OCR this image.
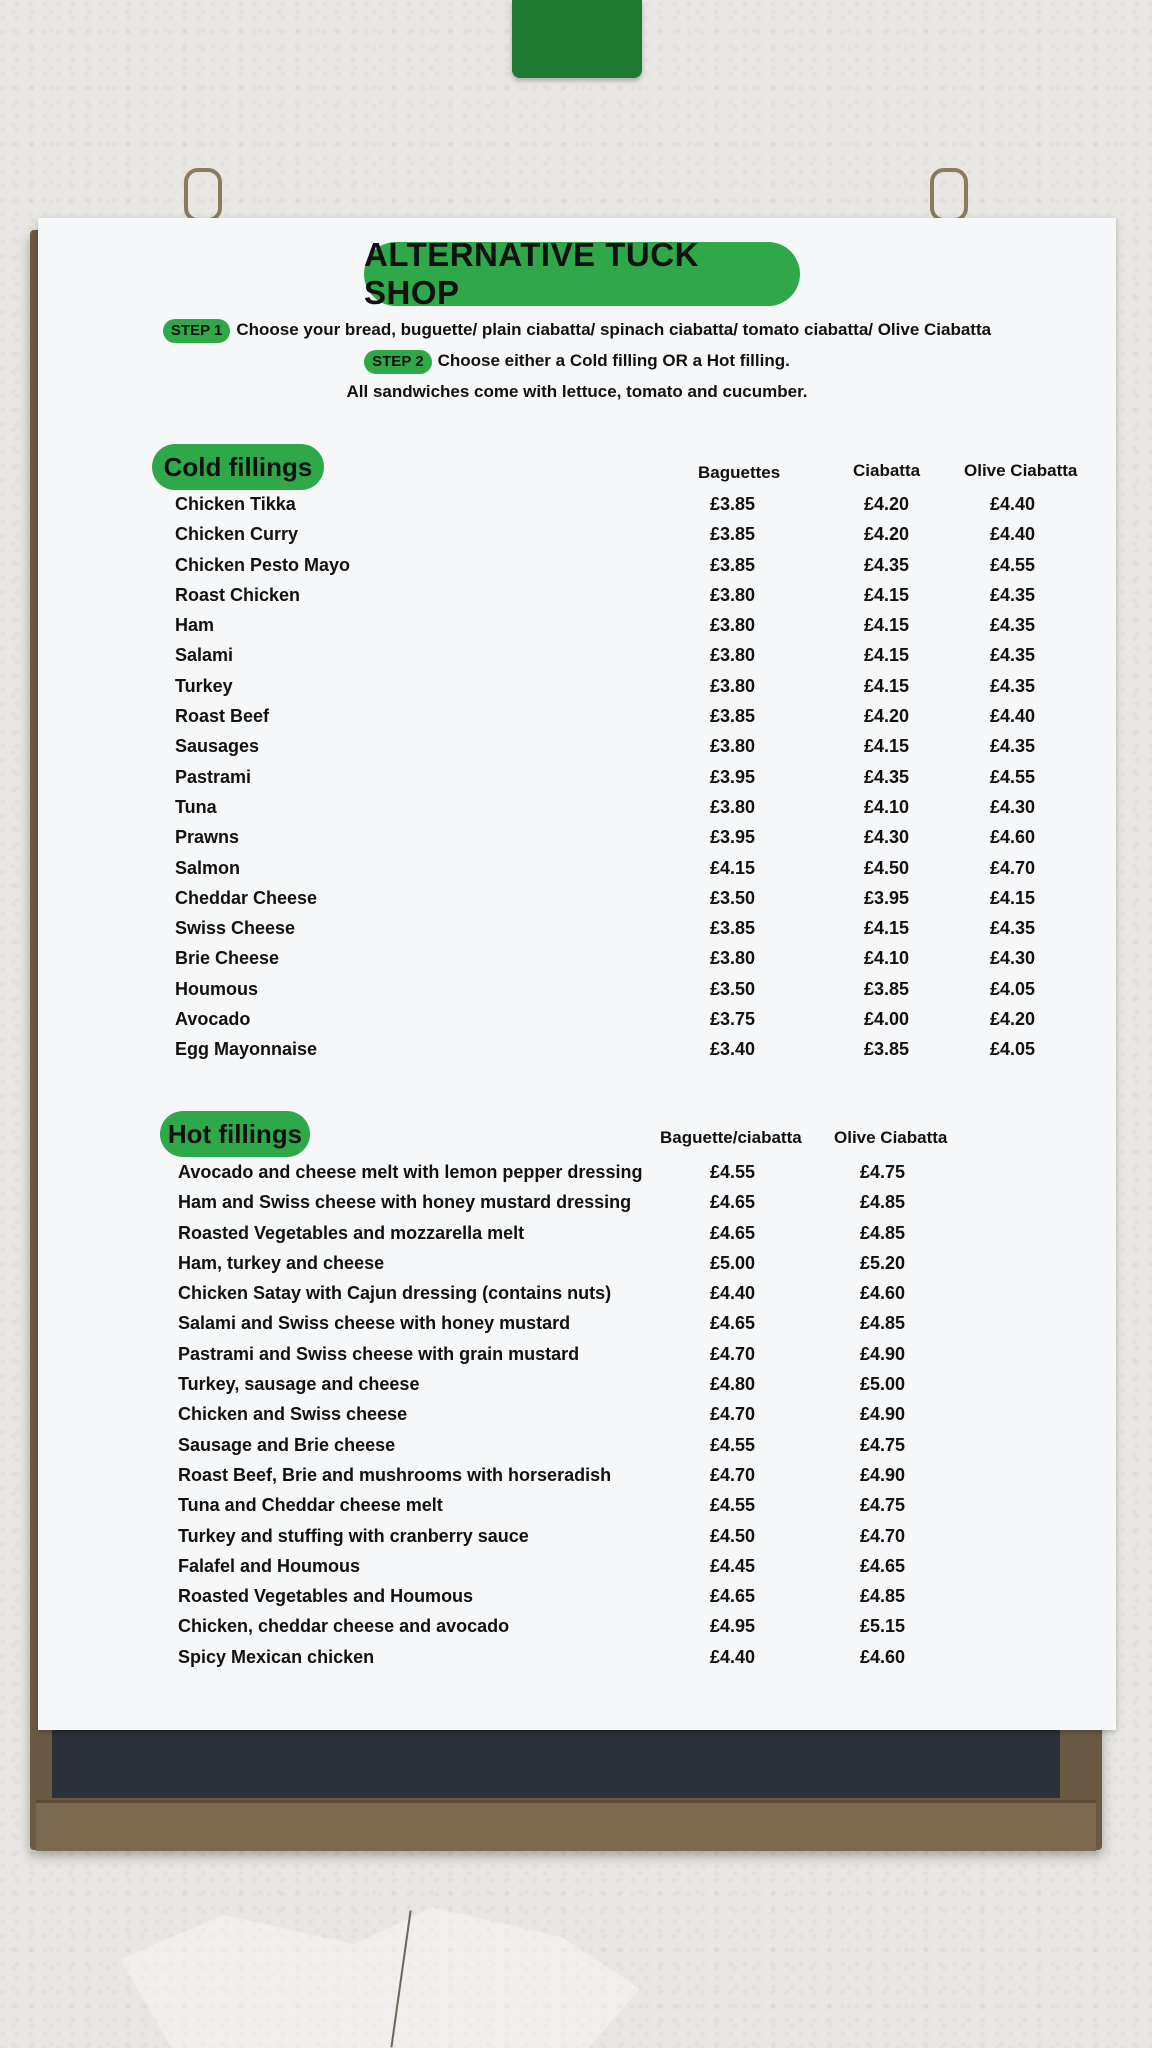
ALTERNATIVE TUCK SHOP
STEP 1 Choose your bread, buguette/ plain ciabatta/ spinach ciabatta/ tomato ciabatta/ Olive Ciabatta
STEP 2 Choose either a Cold filling OR a Hot filling.
All sandwiches come with lettuce, tomato and cucumber.
Cold fillings	Baguettes	Ciabatta	Olive Ciabatta
Chicken Tikka	£3.85	£4.20	£4.40
Chicken Curry	£3.85	£4.20	£4.40
Chicken Pesto Mayo	£3.85	£4.35	£4.55
Roast Chicken	£3.80	£4.15	£4.35
Ham	£3.80	£4.15	£4.35
Salami	£3.80	£4.15	£4.35
Turkey	£3.80	£4.15	£4.35
Roast Beef	£3.85	£4.20	£4.40
Sausages	£3.80	£4.15	£4.35
Pastrami	£3.95	£4.35	£4.55
Tuna	£3.80	£4.10	£4.30
Prawns	£3.95	£4.30	£4.60
Salmon	£4.15	£4.50	£4.70
Cheddar Cheese	£3.50	£3.95	£4.15
Swiss Cheese	£3.85	£4.15	£4.35
Brie Cheese	£3.80	£4.10	£4.30
Houmous	£3.50	£3.85	£4.05
Avocado	£3.75	£4.00	£4.20
Egg Mayonnaise	£3.40	£3.85	£4.05
Hot fillings	Baguette/ciabatta Olive Ciabatta
Avocado and cheese melt with lemon pepper dressing	£4.55	£4.75
Ham and Swiss cheese with honey mustard dressing	£4.65	£4.85
Roasted Vegetables and mozzarella melt	£4.65	£4.85
Ham, turkey and cheese	£5.00	£5.20
Chicken Satay with Cajun dressing (contains nuts)	£4.40	£4.60
Salami and Swiss cheese with honey mustard	£4.65	£4.85
Pastrami and Swiss cheese with grain mustard	£4.70	£4.90
Turkey, sausage and cheese	£4.80	£5.00
Chicken and Swiss cheese	£4.70	£4.90
Sausage and Brie cheese	£4.55	£4.75
Roast Beef, Brie and mushrooms with horseradish	£4.70	£4.90
Tuna and Cheddar cheese melt	£4.55	£4.75
Turkey and stuffing with cranberry sauce	£4.50	£4.70
Falafel and Houmous	£4.45	£4.65
Roasted Vegetables and Houmous	£4.65	£4.85
Chicken, cheddar cheese and avocado	£4.95	£5.15
Spicy Mexican chicken	£4.40	£4.60
